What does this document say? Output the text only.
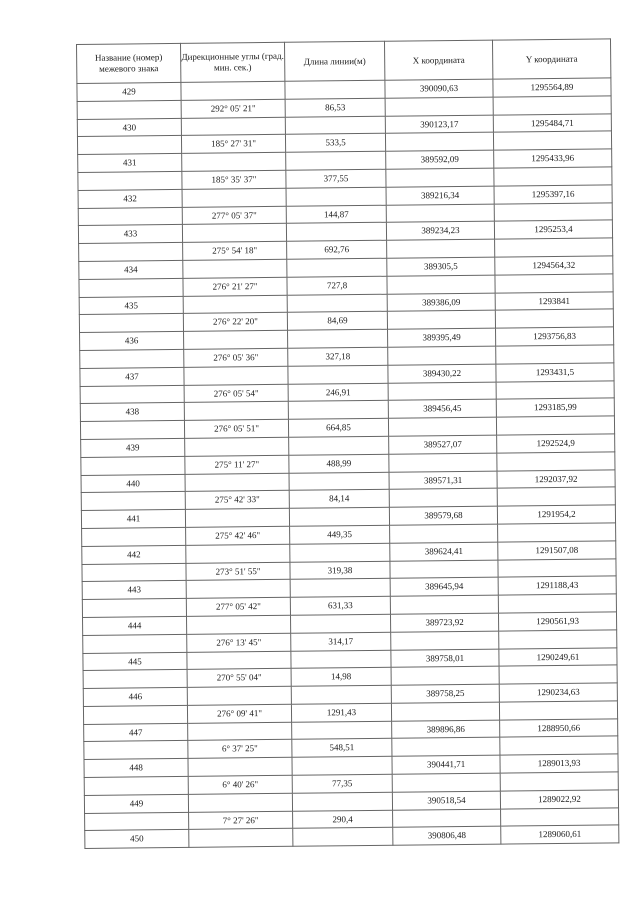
Название (номер) межевого знака	Дирекционные углы (град. мин. сек.)	Длина линии(м)	X координата	Y координата
429			390090,63	1295564,89
	292° 05' 21"	86,53		
430			390123,17	1295484,71
	185° 27' 31"	533,5		
431			389592,09	1295433,96
	185° 35' 37"	377,55		
432			389216,34	1295397,16
	277° 05' 37"	144,87		
433			389234,23	1295253,4
	275° 54' 18"	692,76		
434			389305,5	1294564,32
	276° 21' 27"	727,8		
435			389386,09	1293841
	276° 22' 20"	84,69		
436			389395,49	1293756,83
	276° 05' 36"	327,18		
437			389430,22	1293431,5
	276° 05' 54"	246,91		
438			389456,45	1293185,99
	276° 05' 51"	664,85		
439			389527,07	1292524,9
	275° 11' 27"	488,99		
440			389571,31	1292037,92
	275° 42' 33"	84,14		
441			389579,68	1291954,2
	275° 42' 46"	449,35		
442			389624,41	1291507,08
	273° 51' 55"	319,38		
443			389645,94	1291188,43
	277° 05' 42"	631,33		
444			389723,92	1290561,93
	276° 13' 45"	314,17		
445			389758,01	1290249,61
	270° 55' 04"	14,98		
446			389758,25	1290234,63
	276° 09' 41"	1291,43		
447			389896,86	1288950,66
	6° 37' 25"	548,51		
448			390441,71	1289013,93
	6° 40' 26"	77,35		
449			390518,54	1289022,92
	7° 27' 26"	290,4		
450			390806,48	1289060,61
